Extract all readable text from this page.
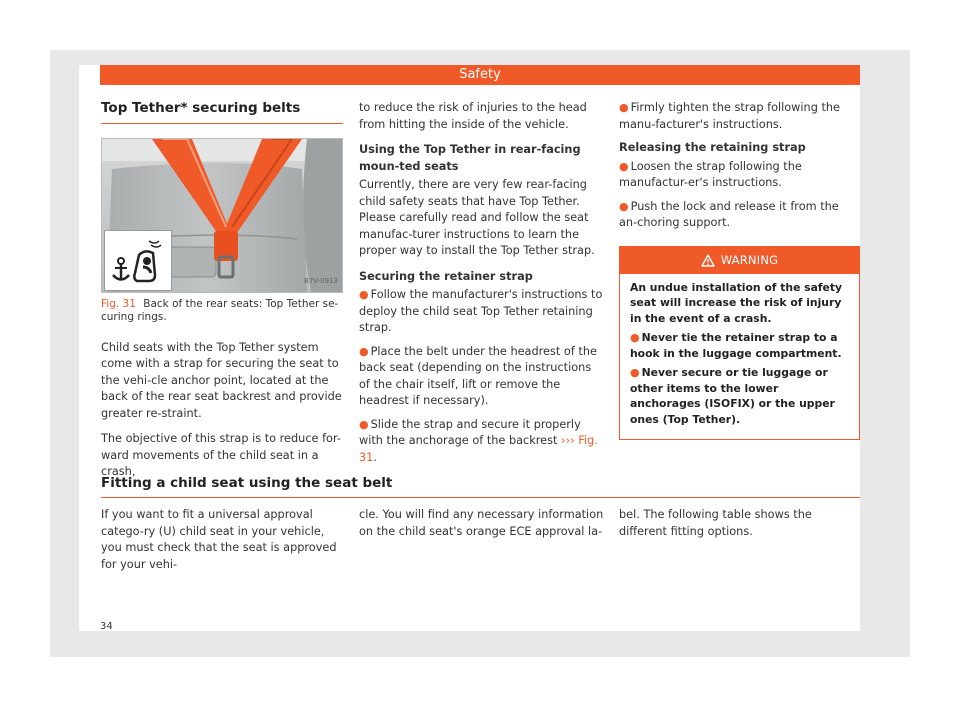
Safety
Top Tether* securing belts
B7V-0913
Fig. 31 Back of the rear seats: Top Tether se-curing rings.

Child seats with the Top Tether system come with a strap for securing the seat to the vehi-cle anchor point, located at the back of the rear seat backrest and provide greater re-straint.

The objective of this strap is to reduce for-ward movements of the child seat in a crash,

to reduce the risk of injuries to the head from hitting the inside of the vehicle.

Using the Top Tether in rear-facing moun-ted seats

Currently, there are very few rear-facing child safety seats that have Top Tether. Please carefully read and follow the seat manufac-turer instructions to learn the proper way to install the Top Tether strap.

Securing the retainer strap
● Follow the manufacturer's instructions to deploy the child seat Top Tether retaining strap.
● Place the belt under the headrest of the back seat (depending on the instructions of the chair itself, lift or remove the headrest if necessary).
● Slide the strap and secure it properly with the anchorage of the backrest ››› Fig. 31.
● Firmly tighten the strap following the manu-facturer's instructions.
Releasing the retaining strap
● Loosen the strap following the manufactur-er's instructions.
● Push the lock and release it from the an-choring support.
WARNING

An undue installation of the safety seat will increase the risk of injury in the event of a crash.

● Never tie the retainer strap to a hook in the luggage compartment.

● Never secure or tie luggage or other items to the lower anchorages (ISOFIX) or the upper ones (Top Tether).

Fitting a child seat using the seat belt
If you want to fit a universal approval catego-ry (U) child seat in your vehicle, you must check that the seat is approved for your vehi-
cle. You will find any necessary information on the child seat's orange ECE approval la-
bel. The following table shows the different fitting options.
34
